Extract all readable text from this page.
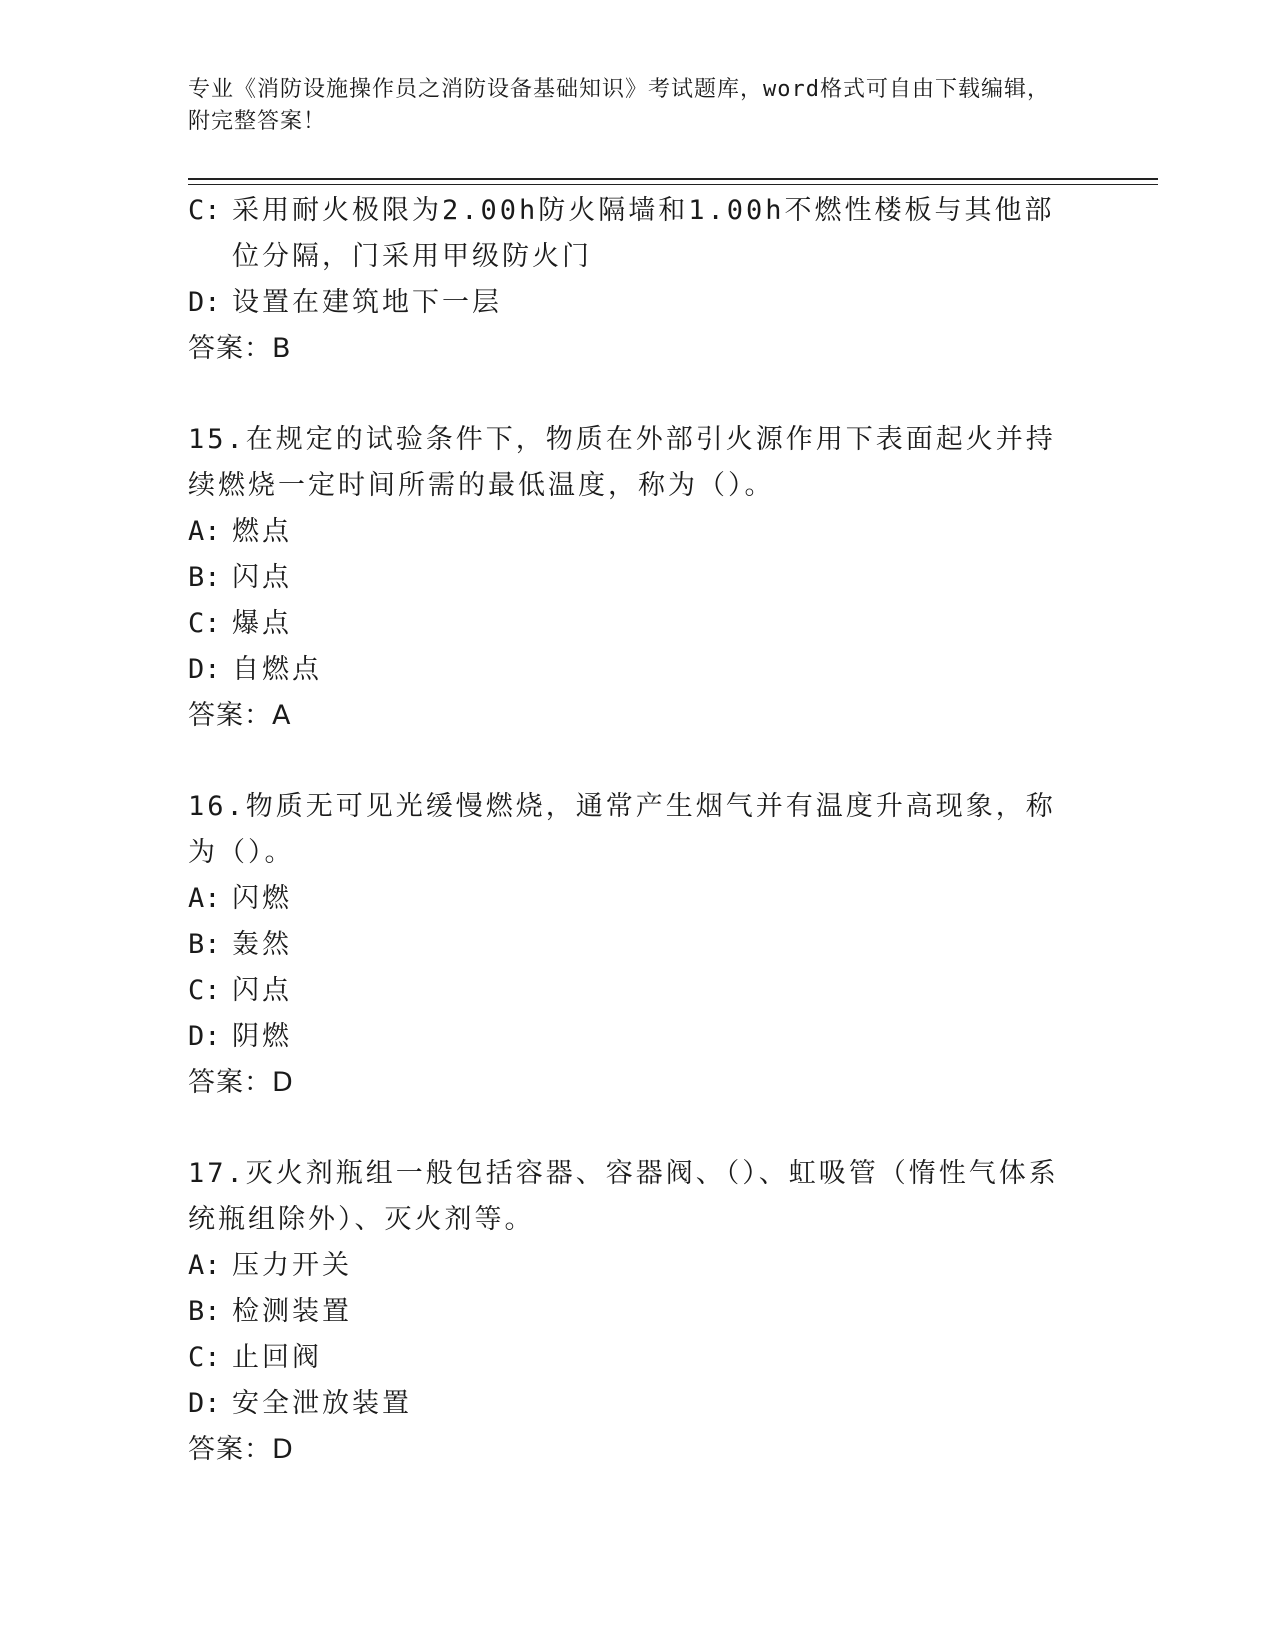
专业《消防设施操作员之消防设备基础知识》考试题库，word格式可自由下载编辑，附完整答案！
C: 采用耐火极限为2.00h防火隔墙和1.00h不燃性楼板与其他部位分隔，门采用甲级防火门
D: 设置在建筑地下一层
答案：B
15.在规定的试验条件下，物质在外部引火源作用下表面起火并持续燃烧一定时间所需的最低温度，称为（）。
A: 燃点
B: 闪点
C: 爆点
D: 自燃点
答案：A
16.物质无可见光缓慢燃烧，通常产生烟气并有温度升高现象，称为（）。
A: 闪燃
B: 轰然
C: 闪点
D: 阴燃
答案：D
17.灭火剂瓶组一般包括容器、容器阀、（）、虹吸管（惰性气体系统瓶组除外）、灭火剂等。
A: 压力开关
B: 检测装置
C: 止回阀
D: 安全泄放装置
答案：D
